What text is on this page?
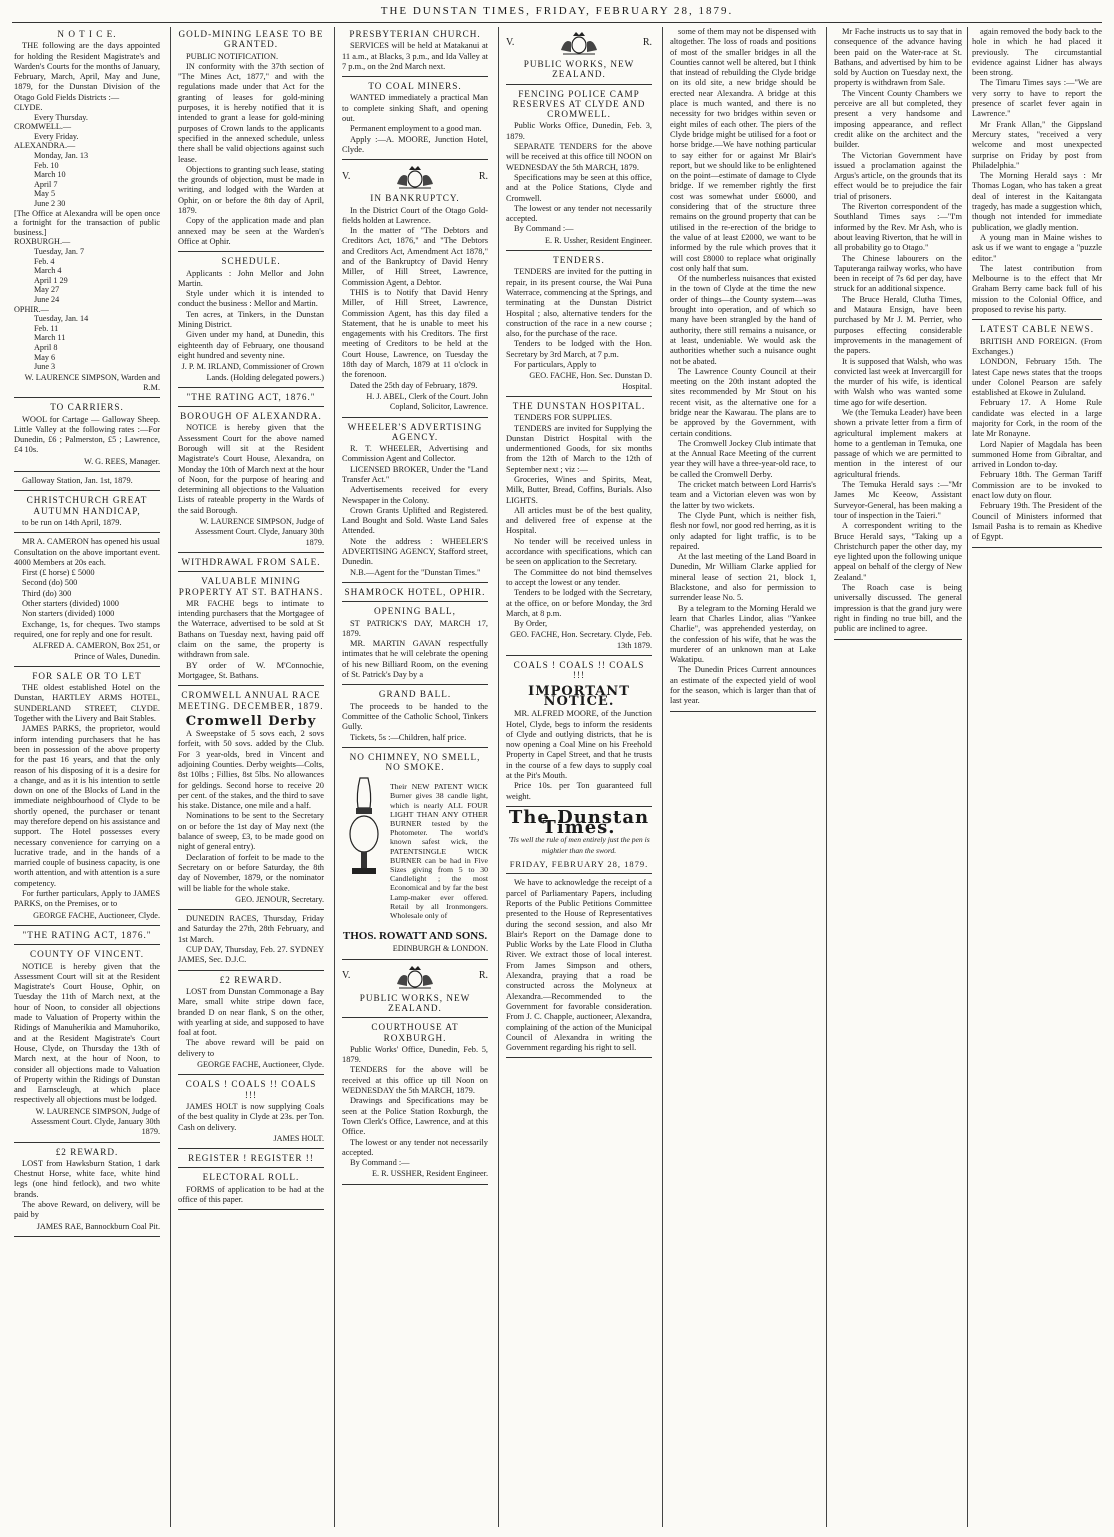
THE DUNSTAN TIMES, FRIDAY, FEBRUARY 28, 1879.
N O T I C E.

THE following are the days appointed for holding the Resident Magistrate's and Warden's Courts for the months of January, February, March, April, May and June, 1879, for the Dunstan Division of the Otago Gold Fields Districts :—

CLYDE.
Every Thursday.
CROMWELL.—
Every Friday.
ALEXANDRA.—
Monday, Jan. 13
Feb. 10
March 10
April 7
May 5
June 2 30
[The Office at Alexandra will be open once a fortnight for the transaction of public business.]
ROXBURGH.—
Tuesday, Jan. 7
Feb. 4
March 4
April 1 29
May 27
June 24
OPHIR.—
Tuesday, Jan. 14
Feb. 11
March 11
April 8
May 6
June 3
W. LAURENCE SIMPSON, Warden and R.M.
TO CARRIERS.

WOOL for Cartage — Galloway Sheep. Little Valley at the following rates :—For Dunedin, £6 ; Palmerston, £5 ; Lawrence, £4 10s.

W. G. REES, Manager.

Galloway Station, Jan. 1st, 1879.

CHRISTCHURCH GREAT AUTUMN HANDICAP,

to be run on 14th April, 1879.

MR A. CAMERON has opened his usual Consultation on the above important event. 4000 Members at 20s each.

First (£ horse) £ 5000

Second (do) 500

Third (do) 300

Other starters (divided) 1000

Non starters (divided) 1000

Exchange, 1s, for cheques. Two stamps required, one for reply and one for result.

ALFRED A. CAMERON, Box 251, or Prince of Wales, Dunedin.
FOR SALE OR TO LET

THE oldest established Hotel on the Dunstan, HARTLEY ARMS HOTEL, SUNDERLAND STREET, CLYDE. Together with the Livery and Bait Stables.

JAMES PARKS, the proprietor, would inform intending purchasers that he has been in possession of the above property for the past 16 years, and that the only reason of his disposing of it is a desire for a change, and as it is his intention to settle down on one of the Blocks of Land in the immediate neighbourhood of Clyde to be shortly opened, the purchaser or tenant may therefore depend on his assistance and support. The Hotel possesses every necessary convenience for carrying on a lucrative trade, and in the hands of a married couple of business capacity, is one worth attention, and with attention is a sure competency.

For further particulars, Apply to JAMES PARKS, on the Premises, or to

GEORGE FACHE, Auctioneer, Clyde.
"THE RATING ACT, 1876."
COUNTY OF VINCENT.

NOTICE is hereby given that the Assessment Court will sit at the Resident Magistrate's Court House, Ophir, on Tuesday the 11th of March next, at the hour of Noon, to consider all objections made to Valuation of Property within the Ridings of Manuherikia and Mamuhoriko, and at the Resident Magistrate's Court House, Clyde, on Thursday the 13th of March next, at the hour of Noon, to consider all objections made to Valuation of Property within the Ridings of Dunstan and Earnscleugh, at which place respectively all objections must be lodged.

W. LAURENCE SIMPSON, Judge of Assessment Court. Clyde, January 30th 1879.
£2 REWARD.

LOST from Hawksburn Station, 1 dark Chestnut Horse, white face, white hind legs (one hind fetlock), and two white brands.

The above Reward, on delivery, will be paid by

JAMES RAE, Bannockburn Coal Pit.
GOLD-MINING LEASE TO BE GRANTED.

PUBLIC NOTIFICATION.

IN conformity with the 37th section of "The Mines Act, 1877," and with the regulations made under that Act for the granting of leases for gold-mining purposes, it is hereby notified that it is intended to grant a lease for gold-mining purposes of Crown lands to the applicants specified in the annexed schedule, unless there shall be valid objections against such lease.

Objections to granting such lease, stating the grounds of objection, must be made in writing, and lodged with the Warden at Ophir, on or before the 8th day of April, 1879.

Copy of the application made and plan annexed may be seen at the Warden's Office at Ophir.

SCHEDULE.

Applicants : John Mellor and John Martin.

Style under which it is intended to conduct the business : Mellor and Martin.

Ten acres, at Tinkers, in the Dunstan Mining District.

Given under my hand, at Dunedin, this eighteenth day of February, one thousand eight hundred and seventy nine.

J. P. M. IRLAND, Commissioner of Crown Lands. (Holding delegated powers.)
"THE RATING ACT, 1876."
BOROUGH OF ALEXANDRA.

NOTICE is hereby given that the Assessment Court for the above named Borough will sit at the Resident Magistrate's Court House, Alexandra, on Monday the 10th of March next at the hour of Noon, for the purpose of hearing and determining all objections to the Valuation Lists of rateable property in the Wards of the said Borough.

W. LAURENCE SIMPSON, Judge of Assessment Court. Clyde, January 30th 1879.
WITHDRAWAL FROM SALE.
VALUABLE MINING PROPERTY AT ST. BATHANS.

MR FACHE begs to intimate to intending purchasers that the Mortgagee of the Waterrace, advertised to be sold at St Bathans on Tuesday next, having paid off claim on the same, the property is withdrawn from sale.

BY order of W. M'Connochie, Mortgagee, St. Bathans.

CROMWELL ANNUAL RACE MEETING. DECEMBER, 1879.
Cromwell Derby

A Sweepstake of 5 sovs each, 2 sovs forfeit, with 50 sovs. added by the Club. For 3 year-olds, bred in Vincent and adjoining Counties. Derby weights—Colts, 8st 10lbs ; Fillies, 8st 5lbs. No allowances for geldings. Second horse to receive 20 per cent. of the stakes, and the third to save his stake. Distance, one mile and a half.

Nominations to be sent to the Secretary on or before the 1st day of May next (the balance of sweep, £3, to be made good on night of general entry).

Declaration of forfeit to be made to the Secretary on or before Saturday, the 8th day of November, 1879, or the nominator will be liable for the whole stake.

GEO. JENOUR, Secretary.

DUNEDIN RACES, Thursday, Friday and Saturday the 27th, 28th February, and 1st March.

CUP DAY, Thursday, Feb. 27. SYDNEY JAMES, Sec. D.J.C.

£2 REWARD.

LOST from Dunstan Commonage a Bay Mare, small white stripe down face, branded D on near flank, S on the other, with yearling at side, and supposed to have foal at foot.

The above reward will be paid on delivery to

GEORGE FACHE, Auctioneer, Clyde.
COALS ! COALS !! COALS !!!

JAMES HOLT is now supplying Coals of the best quality in Clyde at 23s. per Ton. Cash on delivery.

JAMES HOLT.
REGISTER ! REGISTER !!
ELECTORAL ROLL.

FORMS of application to be had at the office of this paper.

PRESBYTERIAN CHURCH.

SERVICES will be held at Matakanui at 11 a.m., at Blacks, 3 p.m., and Ida Valley at 7 p.m., on the 2nd March next.

TO COAL MINERS.

WANTED immediately a practical Man to complete sinking Shaft, and opening out.

Permanent employment to a good man.

Apply :—A. MOORE, Junction Hotel, Clyde.

V.	R.
IN BANKRUPTCY.

In the District Court of the Otago Gold-fields holden at Lawrence.

In the matter of "The Debtors and Creditors Act, 1876," and "The Debtors and Creditors Act, Amendment Act 1878," and of the Bankruptcy of David Henry Miller, of Hill Street, Lawrence, Commission Agent, a Debtor.

THIS is to Notify that David Henry Miller, of Hill Street, Lawrence, Commission Agent, has this day filed a Statement, that he is unable to meet his engagements with his Creditors. The first meeting of Creditors to be held at the Court House, Lawrence, on Tuesday the 18th day of March, 1879 at 11 o'clock in the forenoon.

Dated the 25th day of February, 1879.

H. J. ABEL, Clerk of the Court. John Copland, Solicitor, Lawrence.
WHEELER'S ADVERTISING AGENCY.

R. T. WHEELER, Advertising and Commission Agent and Collector.

LICENSED BROKER, Under the "Land Transfer Act."

Advertisements received for every Newspaper in the Colony.

Crown Grants Uplifted and Registered. Land Bought and Sold. Waste Land Sales Attended.

Note the address : WHEELER'S ADVERTISING AGENCY, Stafford street, Dunedin.

N.B.—Agent for the "Dunstan Times."

SHAMROCK HOTEL, OPHIR.
OPENING BALL,

ST PATRICK'S DAY, MARCH 17, 1879.

MR. MARTIN GAVAN respectfully intimates that he will celebrate the opening of his new Billiard Room, on the evening of St. Patrick's Day by a

GRAND BALL.

The proceeds to be handed to the Committee of the Catholic School, Tinkers Gully.

Tickets, 5s :—Children, half price.

NO CHIMNEY, NO SMELL, NO SMOKE.

Their NEW PATENT WICK Burner gives 38 candle light, which is nearly ALL FOUR LIGHT THAN ANY OTHER BURNER tested by the Photometer. The world's known safest wick, the PATENTSINGLE WICK BURNER can be had in Five Sizes giving from 5 to 30 Candlelight ; the most Economical and by far the best Lamp-maker ever offered. Retail by all Ironmongers. Wholesale only of

THOS. ROWATT AND SONS.
EDINBURGH & LONDON.
V.	R.
PUBLIC WORKS, NEW ZEALAND.
COURTHOUSE AT ROXBURGH.

Public Works' Office, Dunedin, Feb. 5, 1879.

TENDERS for the above will be received at this office up till Noon on WEDNESDAY the 5th MARCH, 1879.

Drawings and Specifications may be seen at the Police Station Roxburgh, the Town Clerk's Office, Lawrence, and at this Office.

The lowest or any tender not necessarily accepted.

By Command :—

E. R. USSHER, Resident Engineer.
V.	R.
PUBLIC WORKS, NEW ZEALAND.
FENCING POLICE CAMP RESERVES AT CLYDE AND CROMWELL.

Public Works Office, Dunedin, Feb. 3, 1879.

SEPARATE TENDERS for the above will be received at this office till NOON on WEDNESDAY the 5th MARCH, 1879.

Specifications may be seen at this office, and at the Police Stations, Clyde and Cromwell.

The lowest or any tender not necessarily accepted.

By Command :—

E. R. Ussher, Resident Engineer.
TENDERS.

TENDERS are invited for the putting in repair, in its present course, the Wai Puna Waterrace, commencing at the Springs, and terminating at the Dunstan District Hospital ; also, alternative tenders for the construction of the race in a new course ; also, for the purchase of the race.

Tenders to be lodged with the Hon. Secretary by 3rd March, at 7 p.m.

For particulars, Apply to

GEO. FACHE, Hon. Sec. Dunstan D. Hospital.
THE DUNSTAN HOSPITAL.

TENDERS FOR SUPPLIES.

TENDERS are invited for Supplying the Dunstan District Hospital with the undermentioned Goods, for six months from the 12th of March to the 12th of September next ; viz :—

Groceries, Wines and Spirits, Meat, Milk, Butter, Bread, Coffins, Burials. Also LIGHTS.

All articles must be of the best quality, and delivered free of expense at the Hospital.

No tender will be received unless in accordance with specifications, which can be seen on application to the Secretary.

The Committee do not bind themselves to accept the lowest or any tender.

Tenders to be lodged with the Secretary, at the office, on or before Monday, the 3rd March, at 8 p.m.

By Order,

GEO. FACHE, Hon. Secretary. Clyde, Feb. 13th 1879.
COALS ! COALS !! COALS !!!
IMPORTANT NOTICE.

MR. ALFRED MOORE, of the Junction Hotel, Clyde, begs to inform the residents of Clyde and outlying districts, that he is now opening a Coal Mine on his Freehold Property in Capel Street, and that he trusts in the course of a few days to supply coal at the Pit's Mouth.

Price 10s. per Ton guaranteed full weight.

The Dunstan Times.
'Tis well the rule of men entirely just the pen is mightier than the sword.
FRIDAY, FEBRUARY 28, 1879.

We have to acknowledge the receipt of a parcel of Parliamentary Papers, including Reports of the Public Petitions Committee presented to the House of Representatives during the second session, and also Mr Blair's Report on the Damage done to Public Works by the Late Flood in Clutha River. We extract those of local interest. From James Simpson and others, Alexandra, praying that a road be constructed across the Molyneux at Alexandra.—Recommended to the Government for favorable consideration. From J. C. Chapple, auctioneer, Alexandra, complaining of the action of the Municipal Council of Alexandra in writing the Government regarding his right to sell.

some of them may not be dispensed with altogether. The loss of roads and positions of most of the smaller bridges in all the Counties cannot well be altered, but I think that instead of rebuilding the Clyde bridge on its old site, a new bridge should be erected near Alexandra. A bridge at this place is much wanted, and there is no necessity for two bridges within seven or eight miles of each other. The piers of the Clyde bridge might be utilised for a foot or horse bridge.—We have nothing particular to say either for or against Mr Blair's report, but we should like to be enlightened on the point—estimate of damage to Clyde bridge. If we remember rightly the first cost was somewhat under £6000, and considering that of the structure three remains on the ground property that can be utilised in the re-erection of the bridge to the value of at least £2000, we want to be informed by the rule which proves that it will cost £8000 to replace what originally cost only half that sum.

Of the numberless nuisances that existed in the town of Clyde at the time the new order of things—the County system—was brought into operation, and of which so many have been strangled by the hand of authority, there still remains a nuisance, or at least, undeniable. We would ask the authorities whether such a nuisance ought not be abated.

The Lawrence County Council at their meeting on the 20th instant adopted the sites recommended by Mr Stout on his recent visit, as the alternative one for a bridge near the Kawarau. The plans are to be approved by the Government, with certain conditions.

The Cromwell Jockey Club intimate that at the Annual Race Meeting of the current year they will have a three-year-old race, to be called the Cromwell Derby.

The cricket match between Lord Harris's team and a Victorian eleven was won by the latter by two wickets.

The Clyde Punt, which is neither fish, flesh nor fowl, nor good red herring, as it is only adapted for light traffic, is to be repaired.

At the last meeting of the Land Board in Dunedin, Mr William Clarke applied for mineral lease of section 21, block 1, Blackstone, and also for permission to surrender lease No. 5.

By a telegram to the Morning Herald we learn that Charles Lindor, alias "Yankee Charlie", was apprehended yesterday, on the confession of his wife, that he was the murderer of an unknown man at Lake Wakatipu.

The Dunedin Prices Current announces an estimate of the expected yield of wool for the season, which is larger than that of last year.

Mr Fache instructs us to say that in consequence of the advance having been paid on the Water-race at St. Bathans, and advertised by him to be sold by Auction on Tuesday next, the property is withdrawn from Sale.

The Vincent County Chambers we perceive are all but completed, they present a very handsome and imposing appearance, and reflect credit alike on the architect and the builder.

The Victorian Government have issued a proclamation against the Argus's article, on the grounds that its effect would be to prejudice the fair trial of prisoners.

The Riverton correspondent of the Southland Times says :—"I'm informed by the Rev. Mr Ash, who is about leaving Riverton, that he will in all probability go to Otago."

The Chinese labourers on the Taputeranga railway works, who have been in receipt of 7s 6d per day, have struck for an additional sixpence.

The Bruce Herald, Clutha Times, and Mataura Ensign, have been purchased by Mr J. M. Perrier, who purposes effecting considerable improvements in the management of the papers.

It is supposed that Walsh, who was convicted last week at Invercargill for the murder of his wife, is identical with Walsh who was wanted some time ago for wife desertion.

We (the Temuka Leader) have been shown a private letter from a firm of agricultural implement makers at home to a gentleman in Temuka, one passage of which we are permitted to mention in the interest of our agricultural friends.

The Temuka Herald says :—"Mr James Mc Keeow, Assistant Surveyor-General, has been making a tour of inspection in the Taieri."

A correspondent writing to the Bruce Herald says, "Taking up a Christchurch paper the other day, my eye lighted upon the following unique appeal on behalf of the clergy of New Zealand."

The Roach case is being universally discussed. The general impression is that the grand jury were right in finding no true bill, and the public are inclined to agree.

again removed the body back to the hole in which he had placed it previously. The circumstantial evidence against Lidner has always been strong.

The Timaru Times says :—"We are very sorry to have to report the presence of scarlet fever again in Lawrence."

Mr Frank Allan," the Gippsland Mercury states, "received a very welcome and most unexpected surprise on Friday by post from Philadelphia."

The Morning Herald says : Mr Thomas Logan, who has taken a great deal of interest in the Kaitangata tragedy, has made a suggestion which, though not intended for immediate publication, we gladly mention.

A young man in Maine wishes to ask us if we want to engage a "puzzle editor."

The latest contribution from Melbourne is to the effect that Mr Graham Berry came back full of his mission to the Colonial Office, and proposed to revise his party.

LATEST CABLE NEWS.

BRITISH AND FOREIGN. (From Exchanges.)

LONDON, February 15th. The latest Cape news states that the troops under Colonel Pearson are safely established at Ekowe in Zululand.

February 17. A Home Rule candidate was elected in a large majority for Cork, in the room of the late Mr Ronayne.

Lord Napier of Magdala has been summoned Home from Gibraltar, and arrived in London to-day.

February 18th. The German Tariff Commission are to be invoked to enact low duty on flour.

February 19th. The President of the Council of Ministers informed that Ismail Pasha is to remain as Khedive of Egypt.
